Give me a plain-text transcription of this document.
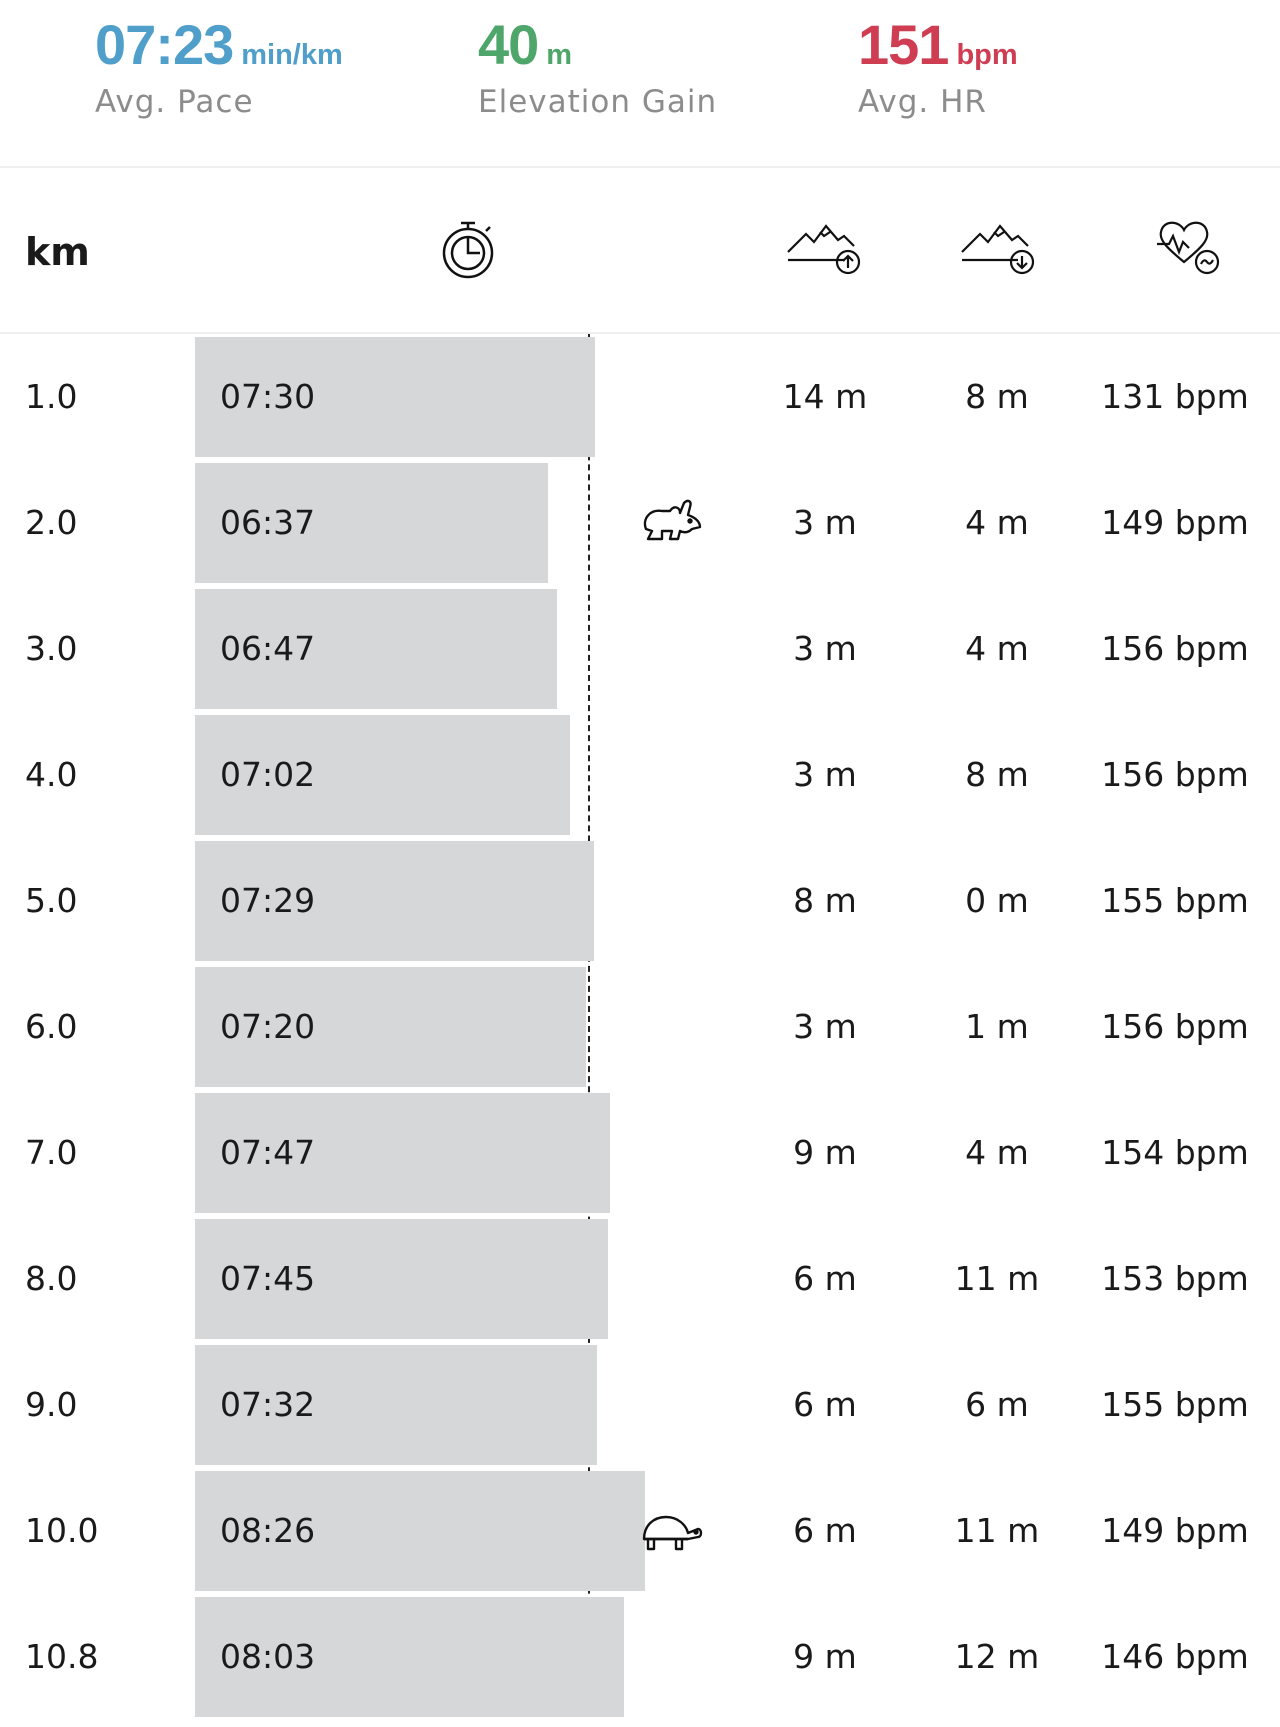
07:23 min/km
Avg. Pace
40 m
Elevation Gain
151 bpm
Avg. HR
km
1.0	07:30	14 m	8 m	131 bpm
2.0	06:37	3 m	4 m	149 bpm
3.0	06:47	3 m	4 m	156 bpm
4.0	07:02	3 m	8 m	156 bpm
5.0	07:29	8 m	0 m	155 bpm
6.0	07:20	3 m	1 m	156 bpm
7.0	07:47	9 m	4 m	154 bpm
8.0	07:45	6 m	11 m	153 bpm
9.0	07:32	6 m	6 m	155 bpm
10.0	08:26	6 m	11 m	149 bpm
10.8	08:03	9 m	12 m	146 bpm
